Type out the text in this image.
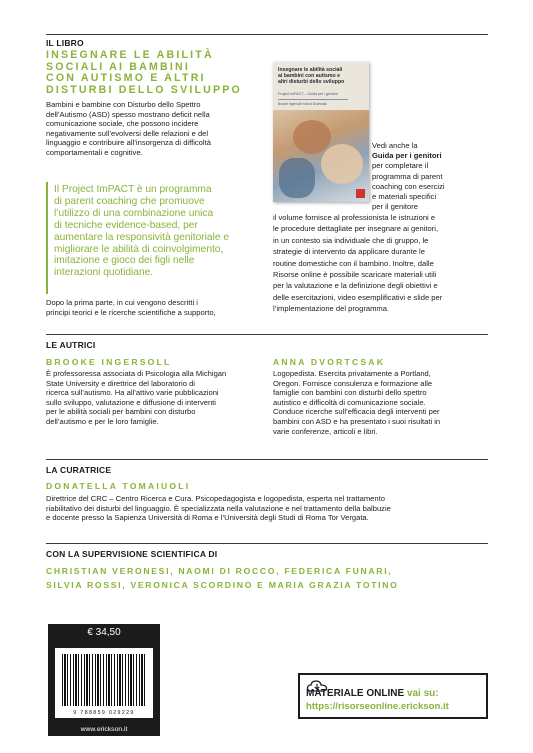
IL LIBRO
INSEGNARE LE ABILITÀ
SOCIALI AI BAMBINI
CON AUTISMO E ALTRI
DISTURBI DELLO SVILUPPO
Bambini e bambine con Disturbo dello Spettro
dell’Autismo (ASD) spesso mostrano deficit nella
comunicazione sociale, che possono incidere
negativamente sull’evolversi delle relazioni e del
linguaggio e contribuire all’insorgenza di difficoltà
comportamentali e cognitive.
Il Project ImPACT è un programma
di parent coaching che promuove
l’utilizzo di una combinazione unica
di tecniche evidence-based, per
aumentare la responsività genitoriale e
migliorare le abilità di coinvolgimento,
imitazione e gioco dei figli nelle
interazioni quotidiane.
Dopo la prima parte, in cui vengono descritti i
principi teorici e le ricerche scientifiche a supporto,
Insegnare le abilità sociali
ai bambini con autismo e
altri disturbi dello sviluppo
Project ImPACT – Guida per i genitori
Brooke Ingersoll e Anna Dvortcsak
Vedi anche la
Guida per i genitori
per completare il
programma di parent
coaching con esercizi
e materiali specifici
per il genitore
il volume fornisce al professionista le istruzioni e
le procedure dettagliate per insegnare ai genitori,
in un contesto sia individuale che di gruppo, le
strategie di intervento da applicare durante le
routine domestiche con il bambino. Inoltre, dalle
Risorse online è possibile scaricare materiali utili
per la valutazione e la definizione degli obiettivi e
delle esercitazioni, video esemplificativi e slide per
l’implementazione del programma.
LE AUTRICI
BROOKE INGERSOLL
È professoressa associata di Psicologia alla Michigan
State University e direttrice del laboratorio di
ricerca sull’autismo. Ha all’attivo varie pubblicazioni
sullo sviluppo, valutazione e diffusione di interventi
per le abilità sociali per bambini con disturbo
dell’autismo e per le loro famiglie.
ANNA DVORTCSAK
Logopedista. Esercita privatamente a Portland,
Oregon. Fornisce consulenza e formazione alle
famiglie con bambini con disturbi dello spettro
autistico e difficoltà di comunicazione sociale.
Conduce ricerche sull’efficacia degli interventi per
bambini con ASD e ha presentato i suoi risultati in
varie conferenze, articoli e libri.
LA CURATRICE
DONATELLA TOMAIUOLI
Direttrice del CRC – Centro Ricerca e Cura. Psicopedagogista e logopedista, esperta nel trattamento
riabilitativo dei disturbi del linguaggio. È specializzata nella valutazione e nel trattamento della balbuzie
e docente presso la Sapienza Università di Roma e l’Università degli Studi di Roma Tor Vergata.
CON LA SUPERVISIONE SCIENTIFICA DI
CHRISTIAN VERONESI, NAOMI DI ROCCO, FEDERICA FUNARI,
SILVIA ROSSI, VERONICA SCORDINO E MARIA GRAZIA TOTINO
€ 34,50
9 788859 029229
www.erickson.it
MATERIALE ONLINE vai su:
https://risorseonline.erickson.it
